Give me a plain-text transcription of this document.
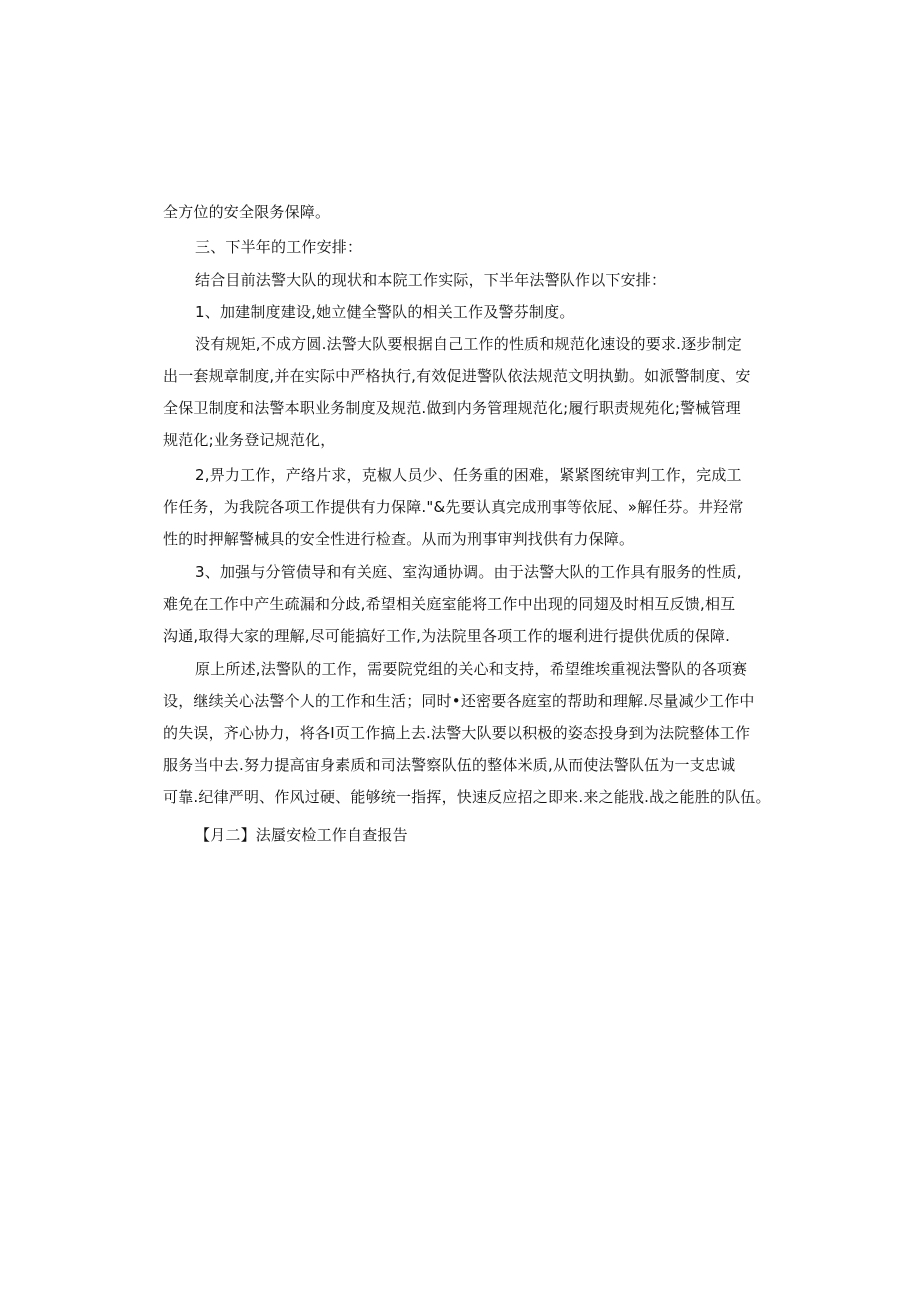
全方位的安全限务保障。
三、下半年的工作安排：
结合目前法警大队的现状和本院工作实际，下半年法警队作以下安排：
1、加建制度建设,她立健全警队的相关工作及警芬制度。
没有规矩,不成方圆.法警大队要根据自己工作的性质和规范化速设的要求.逐步制定
出一套规章制度,并在实际中严格执行,有效促进警队依法规范文明执勤。如派警制度、安
全保卫制度和法警本职业务制度及规范.做到内务管理规范化;履行职责规苑化;警械管理
规范化;业务登记规范化，
2,畀力工作，产络片求，克椒人员少、任务重的困难，紧紧图统审判工作，完成工
作任务，为我院各项工作提供有力保障."&先要认真完成刑事等依屁、»解任芬。井羟常
性的时押解警械具的安全性进行检查。从而为刑事审判找供有力保障。
3、加强与分管债导和有关庭、室沟通协调。由于法警大队的工作具有服务的性质,
难免在工作中产生疏漏和分歧,希望相关庭室能将工作中出现的同翅及时相互反馈,相互
沟通,取得大家的理解,尽可能搞好工作,为法院里各项工作的堰利进行提供优质的保障.
原上所述,法警队的工作，需要院党组的关心和支持，希望维埃重视法警队的各项赛
设，继续关心法警个人的工作和生活；同时•还密要各庭室的帮助和理解.尽量减少工作中
的失误，齐心协力，将各I页工作搞上去.法警大队要以积极的姿态投身到为法院整体工作
服务当中去.努力提高宙身素质和司法警察队伍的整体米质,从而使法警队伍为一支忠诚
可靠.纪律严明、作风过硬、能够统一指挥，快速反应招之即来.来之能戕.战之能胜的队伍。
【月二】法蜃安检工作自查报告
